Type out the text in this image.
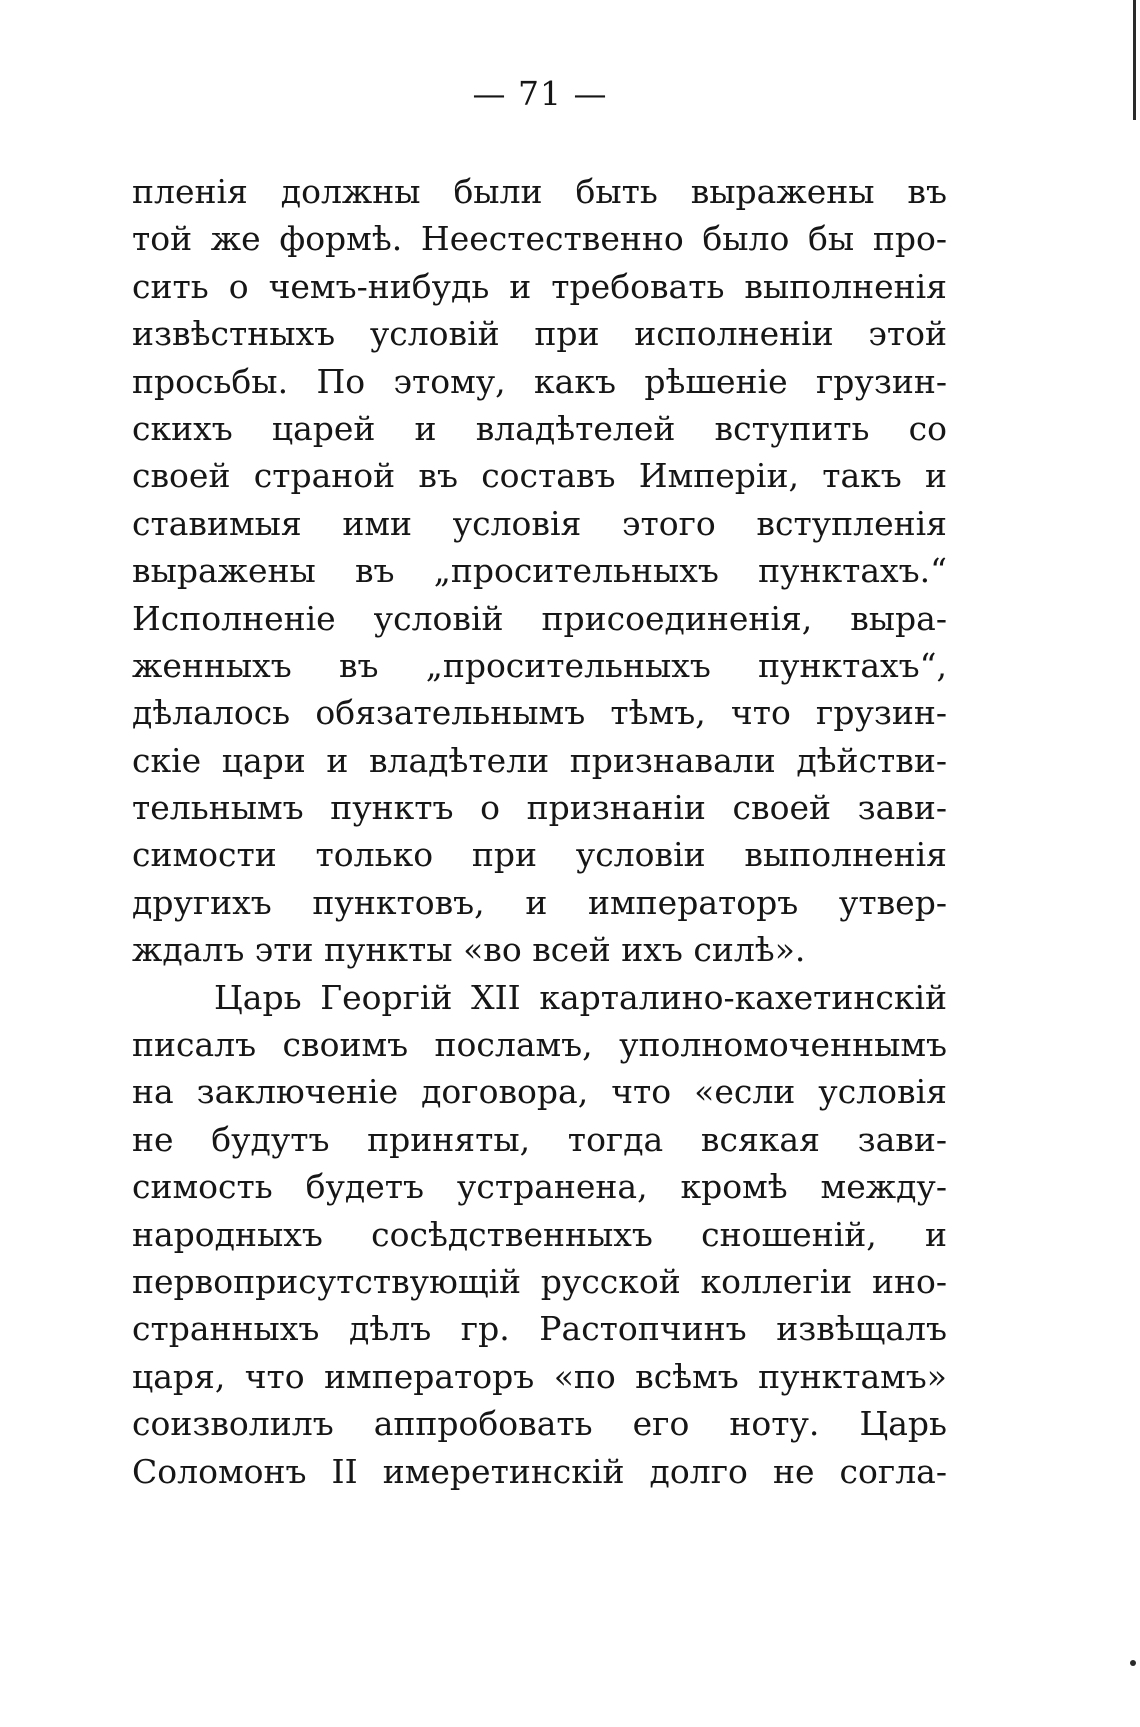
— 71 —
пленія должны были быть выражены въ
той же формѣ. Неестественно было бы про-
сить о чемъ-нибудь и требовать выполненія
извѣстныхъ условій при исполненіи этой
просьбы. По этому, какъ рѣшеніе грузин-
скихъ царей и владѣтелей вступить со
своей страной въ составъ Имперіи, такъ и
ставимыя ими условія этого вступленія
выражены въ „просительныхъ пунктахъ.“
Исполненіе условій присоединенія, выра-
женныхъ въ „просительныхъ пунктахъ“,
дѣлалось обязательнымъ тѣмъ, что грузин-
скіе цари и владѣтели признавали дѣйстви-
тельнымъ пунктъ о признаніи своей зави-
симости только при условіи выполненія
другихъ пунктовъ, и императоръ утвер-
ждалъ эти пункты «во всей ихъ силѣ».
Царь Георгій XII карталино-кахетинскій
писалъ своимъ посламъ, уполномоченнымъ
на заключеніе договора, что «если условія
не будутъ приняты, тогда всякая зави-
симость будетъ устранена, кромѣ между-
народныхъ сосѣдственныхъ сношеній, и
первоприсутствующій русской коллегіи ино-
странныхъ дѣлъ гр. Растопчинъ извѣщалъ
царя, что императоръ «по всѣмъ пунктамъ»
соизволилъ аппробовать его ноту. Царь
Соломонъ II имеретинскій долго не согла-
